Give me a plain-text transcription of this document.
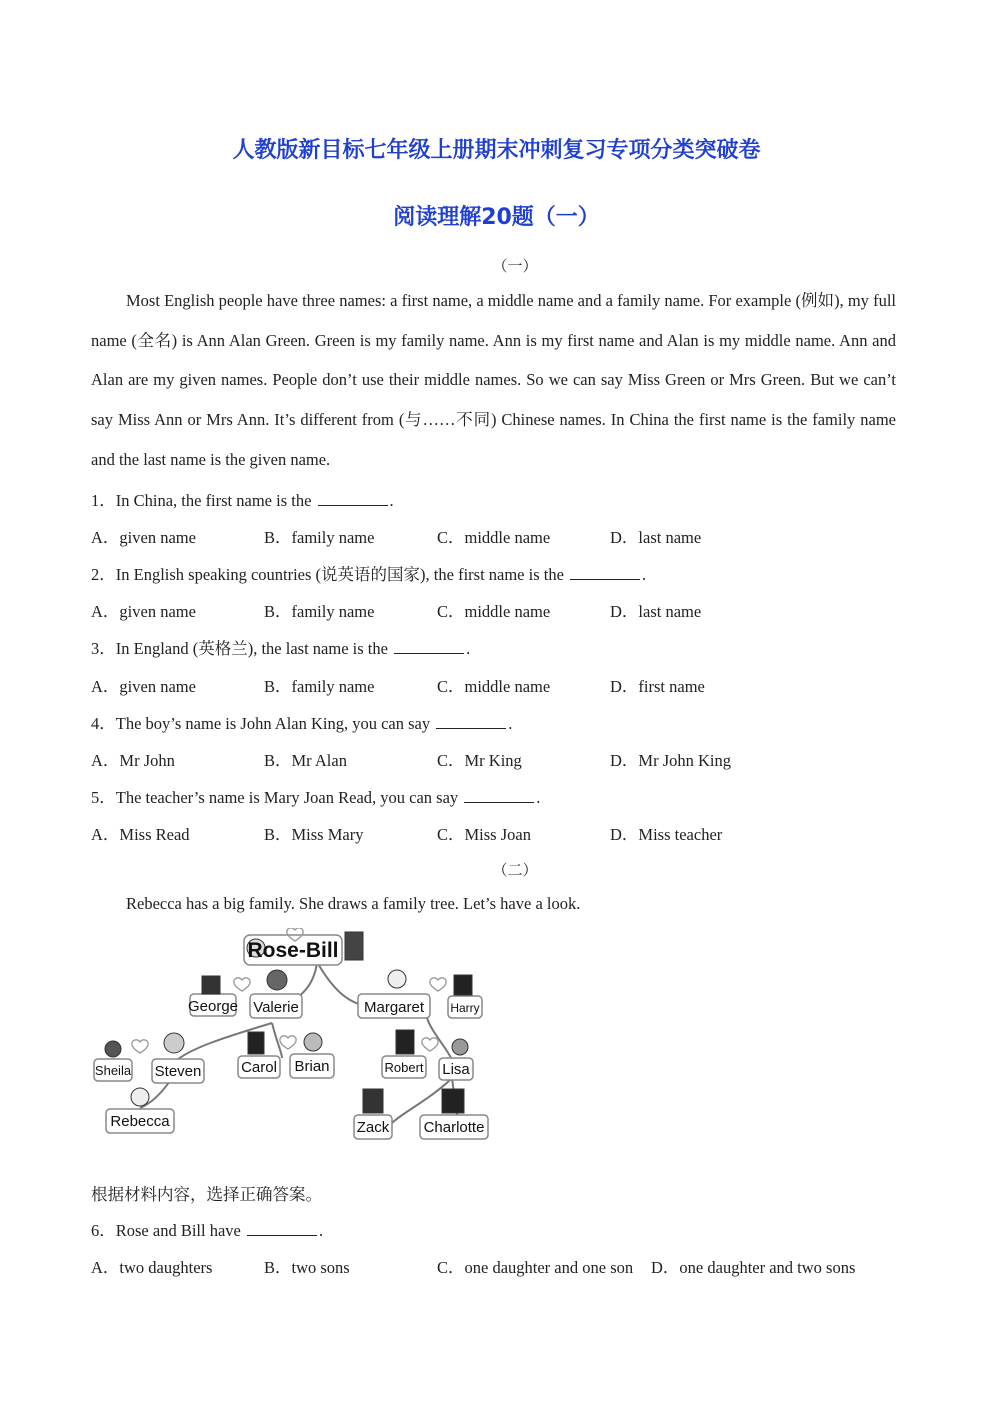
人教版新目标七年级上册期末冲刺复习专项分类突破卷
阅读理解20题（一）
（一）
Most English people have three names: a first name, a middle name and a family name. For example (例如), my full name (全名) is Ann Alan Green. Green is my family name. Ann is my first name and Alan is my middle name. Ann and Alan are my given names. People don’t use their middle names. So we can say Miss Green or Mrs Green. But we can’t say Miss Ann or Mrs Ann. It’s different from (与……不同) Chinese names. In China the first name is the family name and the last name is the given name.
1．In China, the first name is the	.
A．given name	B．family name	C．middle name	D．last name
2．In English speaking countries (说英语的国家), the first name is the	.
A．given name	B．family name	C．middle name	D．last name
3．In England (英格兰), the last name is the	.
A．given name	B．family name	C．middle name	D．first name
4．The boy’s name is John Alan King, you can say	.
A．Mr John	B．Mr Alan	C．Mr King	D．Mr John King
5．The teacher’s name is Mary Joan Read, you can say	.
A．Miss Read	B．Miss Mary	C．Miss Joan	D．Miss teacher
（二）
Rebecca has a big family. She draws a family tree. Let’s have a look.
Rose-Bill
George Valerie	Margaret Harry
Sheila Steven	Carol Brian	Robert Lisa
Rebecca	Zack Charlotte
根据材料内容，选择正确答案。
6．Rose and Bill have	.
A．two daughters	B．two sons	C．one daughter and one son D．one daughter and two sons
